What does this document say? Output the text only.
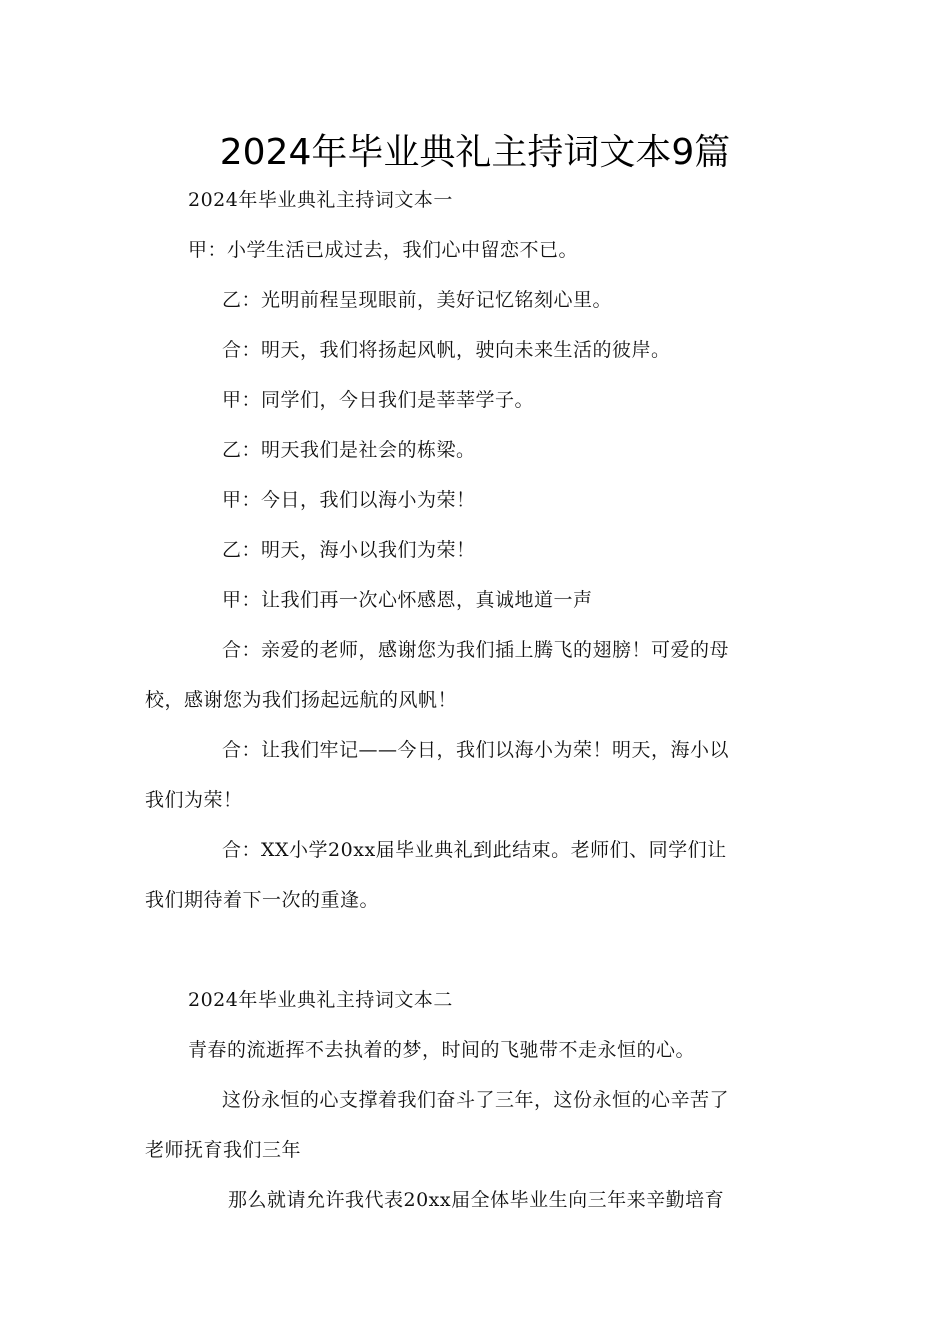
2024年毕业典礼主持词文本9篇
2024年毕业典礼主持词文本一
甲：小学生活已成过去，我们心中留恋不已。
乙：光明前程呈现眼前，美好记忆铭刻心里。
合：明天，我们将扬起风帆，驶向未来生活的彼岸。
甲：同学们，今日我们是莘莘学子。
乙：明天我们是社会的栋梁。
甲：今日，我们以海小为荣！
乙：明天，海小以我们为荣！
甲：让我们再一次心怀感恩，真诚地道一声
合：亲爱的老师，感谢您为我们插上腾飞的翅膀！可爱的母
校，感谢您为我们扬起远航的风帆！
合：让我们牢记——今日，我们以海小为荣！明天，海小以
我们为荣！
合：XX小学20xx届毕业典礼到此结束。老师们、同学们让
我们期待着下一次的重逢。
2024年毕业典礼主持词文本二
青春的流逝挥不去执着的梦，时间的飞驰带不走永恒的心。
这份永恒的心支撑着我们奋斗了三年，这份永恒的心辛苦了
老师抚育我们三年
那么就请允许我代表20xx届全体毕业生向三年来辛勤培育
